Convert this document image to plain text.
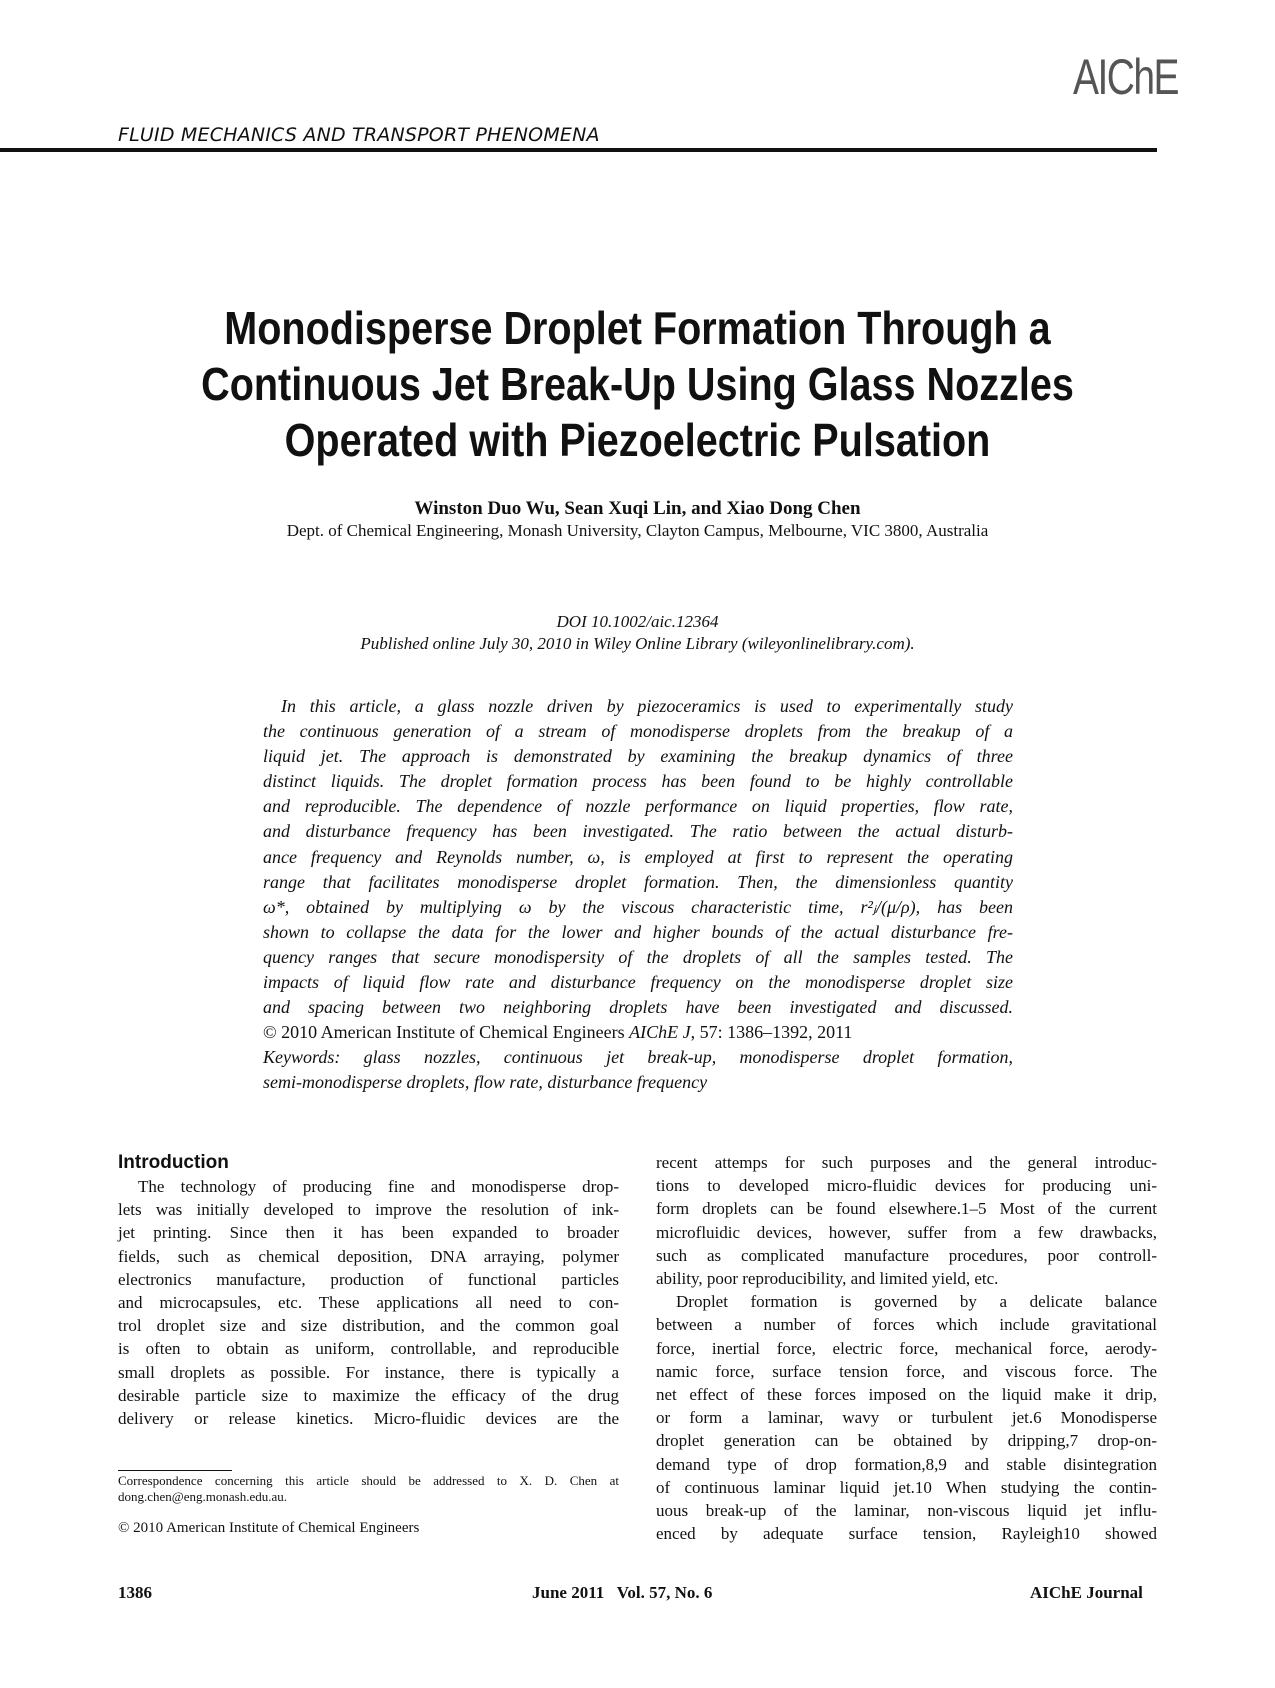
AIChE
FLUID MECHANICS AND TRANSPORT PHENOMENA
Monodisperse Droplet Formation Through a
Continuous Jet Break-Up Using Glass Nozzles
Operated with Piezoelectric Pulsation
Winston Duo Wu, Sean Xuqi Lin, and Xiao Dong Chen
Dept. of Chemical Engineering, Monash University, Clayton Campus, Melbourne, VIC 3800, Australia
DOI 10.1002/aic.12364
Published online July 30, 2010 in Wiley Online Library (wileyonlinelibrary.com).
In this article, a glass nozzle driven by piezoceramics is used to experimentally study
the continuous generation of a stream of monodisperse droplets from the breakup of a
liquid jet. The approach is demonstrated by examining the breakup dynamics of three
distinct liquids. The droplet formation process has been found to be highly controllable
and reproducible. The dependence of nozzle performance on liquid properties, flow rate,
and disturbance frequency has been investigated. The ratio between the actual disturb-
ance frequency and Reynolds number, ω, is employed at first to represent the operating
range that facilitates monodisperse droplet formation. Then, the dimensionless quantity
ω*, obtained by multiplying ω by the viscous characteristic time, r²ⱼ/(μ/ρ), has been
shown to collapse the data for the lower and higher bounds of the actual disturbance fre-
quency ranges that secure monodispersity of the droplets of all the samples tested. The
impacts of liquid flow rate and disturbance frequency on the monodisperse droplet size
and spacing between two neighboring droplets have been investigated and discussed.
© 2010 American Institute of Chemical Engineers AIChE J, 57: 1386–1392, 2011
Keywords: glass nozzles, continuous jet break-up, monodisperse droplet formation,
semi-monodisperse droplets, flow rate, disturbance frequency
Introduction
The technology of producing fine and monodisperse drop-
lets was initially developed to improve the resolution of ink-
jet printing. Since then it has been expanded to broader
fields, such as chemical deposition, DNA arraying, polymer
electronics manufacture, production of functional particles
and microcapsules, etc. These applications all need to con-
trol droplet size and size distribution, and the common goal
is often to obtain as uniform, controllable, and reproducible
small droplets as possible. For instance, there is typically a
desirable particle size to maximize the efficacy of the drug
delivery or release kinetics. Micro-fluidic devices are the
recent attemps for such purposes and the general introduc-
tions to developed micro-fluidic devices for producing uni-
form droplets can be found elsewhere.1–5 Most of the current
microfluidic devices, however, suffer from a few drawbacks,
such as complicated manufacture procedures, poor controll-
ability, poor reproducibility, and limited yield, etc.
Droplet formation is governed by a delicate balance
between a number of forces which include gravitational
force, inertial force, electric force, mechanical force, aerody-
namic force, surface tension force, and viscous force. The
net effect of these forces imposed on the liquid make it drip,
or form a laminar, wavy or turbulent jet.6 Monodisperse
droplet generation can be obtained by dripping,7 drop-on-
demand type of drop formation,8,9 and stable disintegration
of continuous laminar liquid jet.10 When studying the contin-
uous break-up of the laminar, non-viscous liquid jet influ-
enced by adequate surface tension, Rayleigh10 showed
Correspondence concerning this article should be addressed to X. D. Chen at
dong.chen@eng.monash.edu.au.
© 2010 American Institute of Chemical Engineers
1386	June 2011   Vol. 57, No. 6	AIChE Journal
